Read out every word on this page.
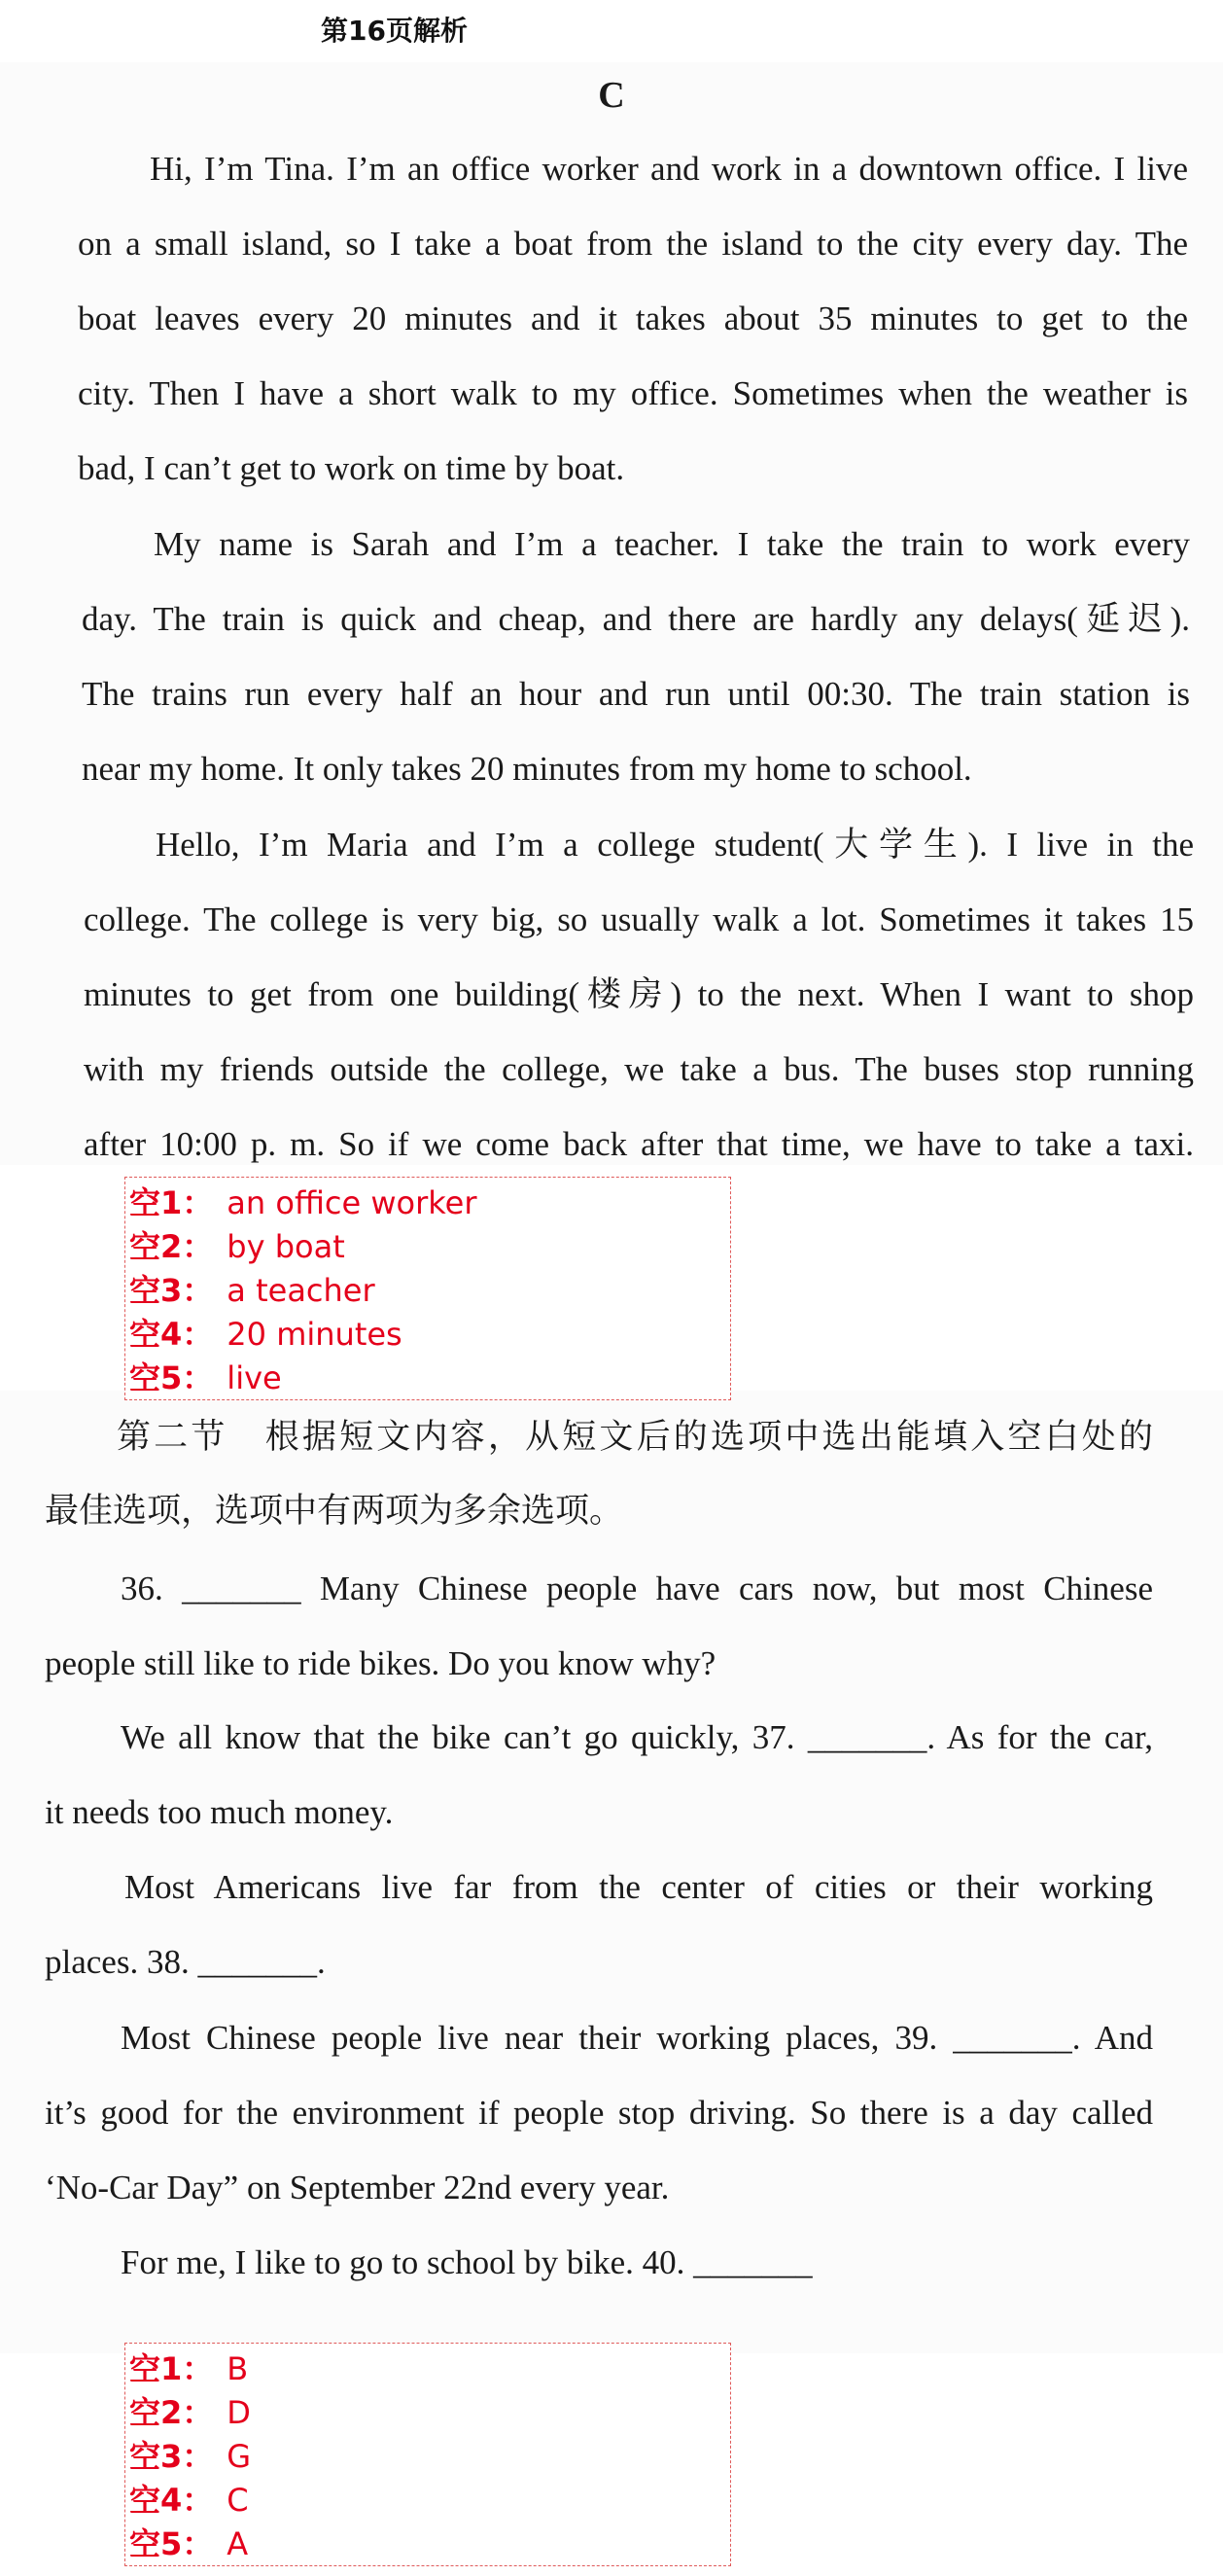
第16页解析
C
Hi, I’m Tina. I’m an office worker and work in a downtown office. I live
on a small island, so I take a boat from the island to the city every day. The
boat leaves every 20 minutes and it takes about 35 minutes to get to the
city. Then I have a short walk to my office. Sometimes when the weather is
bad, I can’t get to work on time by boat.
My name is Sarah and I’m a teacher. I take the train to work every
day. The train is quick and cheap, and there are hardly any delays(延迟).
The trains run every half an hour and run until 00:30. The train station is
near my home. It only takes 20 minutes from my home to school.
Hello, I’m Maria and I’m a college student(大学生). I live in the
college. The college is very big, so usually walk a lot. Sometimes it takes 15
minutes to get from one building(楼房) to the next. When I want to shop
with my friends outside the college, we take a bus. The buses stop running
after 10:00 p. m. So if we come back after that time, we have to take a taxi.
空1： an office worker
空2： by boat
空3： a teacher
空4： 20 minutes
空5： live
第二节　根据短文内容，从短文后的选项中选出能填入空白处的
最佳选项，选项中有两项为多余选项。
36. _______ Many Chinese people have cars now, but most Chinese
people still like to ride bikes. Do you know why?
We all know that the bike can’t go quickly, 37. _______. As for the car,
it needs too much money.
Most Americans live far from the center of cities or their working
places. 38. _______.
Most Chinese people live near their working places, 39. _______. And
it’s good for the environment if people stop driving. So there is a day called
‘No-Car Day” on September 22nd every year.
For me, I like to go to school by bike. 40. _______
空1： B
空2： D
空3： G
空4： C
空5： A
